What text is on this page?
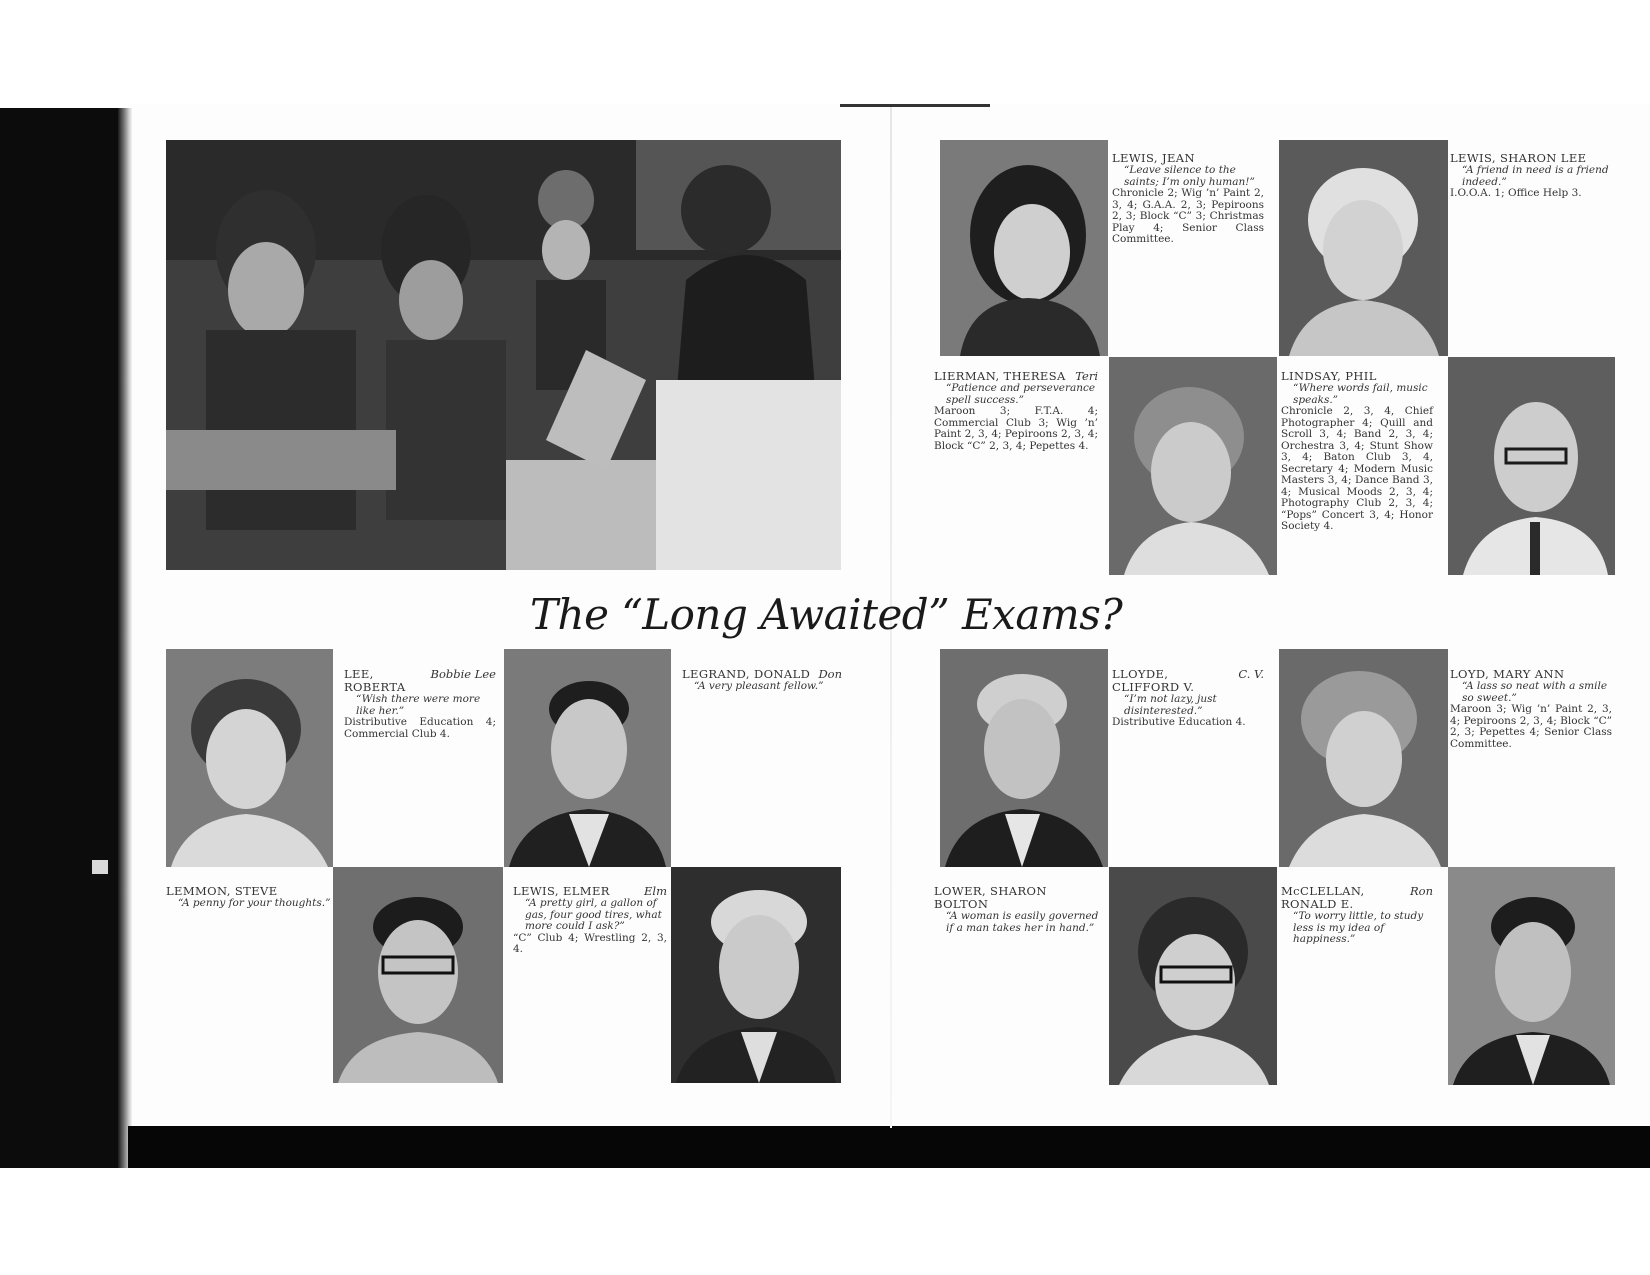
The “Long Awaited” Exams?
LEWIS, JEAN
“Leave silence to the saints; I’m only human!”
Chronicle 2; Wig ’n’ Paint 2, 3, 4; G.A.A. 2, 3; Pepiroons 2, 3; Block “C” 3; Christmas Play 4; Senior Class Committee.
LEWIS, SHARON LEE
“A friend in need is a friend indeed.”
I.O.O.A. 1; Office Help 3.
Teri
LIERMAN, THERESA
“Patience and perseverance spell success.”
Maroon 3; F.T.A. 4; Commercial Club 3; Wig ’n’ Paint 2, 3, 4; Pepiroons 2, 3, 4; Block “C” 2, 3, 4; Pepettes 4.
LINDSAY, PHIL
“Where words fail, music speaks.”
Chronicle 2, 3, 4, Chief Photographer 4; Quill and Scroll 3, 4; Band 2, 3, 4; Orchestra 3, 4; Stunt Show 3, 4; Baton Club 3, 4, Secretary 4; Modern Music Masters 3, 4; Dance Band 3, 4; Musical Moods 2, 3, 4; Photography Club 2, 3, 4; “Pops” Concert 3, 4; Honor Society 4.
Bobbie Lee
LEE, ROBERTA
“Wish there were more like her.”
Distributive Education 4; Commercial Club 4.
Don
LEGRAND, DONALD
“A very pleasant fellow.”
LEMMON, STEVE
“A penny for your thoughts.”
Elm
LEWIS, ELMER
“A pretty girl, a gallon of gas, four good tires, what more could I ask?”
“C” Club 4; Wrestling 2, 3, 4.
C. V.
LLOYDE, CLIFFORD V.
“I’m not lazy, just disinterested.”
Distributive Education 4.
LOYD, MARY ANN
“A lass so neat with a smile so sweet.”
Maroon 3; Wig ’n’ Paint 2, 3, 4; Pepiroons 2, 3, 4; Block “C” 2, 3; Pepettes 4; Senior Class Committee.
LOWER, SHARON BOLTON
“A woman is easily governed if a man takes her in hand.”
Ron
McCLELLAN, RONALD E.
“To worry little, to study less is my idea of happiness.”
